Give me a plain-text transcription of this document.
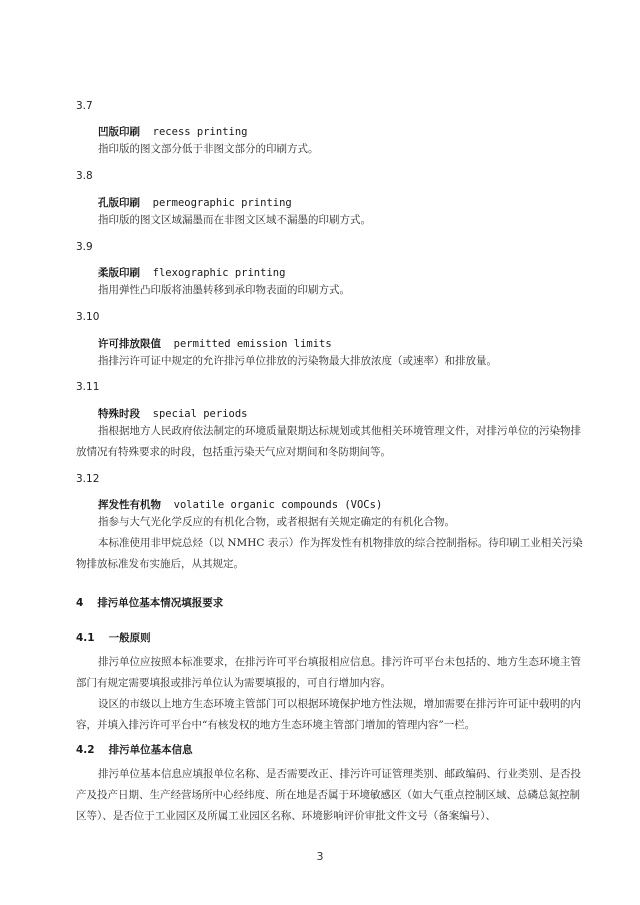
3.7
凹版印刷 recess printing
指印版的图文部分低于非图文部分的印刷方式。
3.8
孔版印刷 permeographic printing
指印版的图文区域漏墨而在非图文区域不漏墨的印刷方式。
3.9
柔版印刷 flexographic printing
指用弹性凸印版将油墨转移到承印物表面的印刷方式。
3.10
许可排放限值 permitted emission limits
指排污许可证中规定的允许排污单位排放的污染物最大排放浓度（或速率）和排放量。
3.11
特殊时段 special periods
指根据地方人民政府依法制定的环境质量限期达标规划或其他相关环境管理文件，对排污单位的污染物排放情况有特殊要求的时段，包括重污染天气应对期间和冬防期间等。
3.12
挥发性有机物 volatile organic compounds (VOCs)
指参与大气光化学反应的有机化合物，或者根据有关规定确定的有机化合物。
本标准使用非甲烷总烃（以 NMHC 表示）作为挥发性有机物排放的综合控制指标。待印刷工业相关污染物排放标准发布实施后，从其规定。
4 排污单位基本情况填报要求
4.1 一般原则
排污单位应按照本标准要求，在排污许可平台填报相应信息。排污许可平台未包括的、地方生态环境主管部门有规定需要填报或排污单位认为需要填报的，可自行增加内容。
设区的市级以上地方生态环境主管部门可以根据环境保护地方性法规，增加需要在排污许可证中载明的内容，并填入排污许可平台中“有核发权的地方生态环境主管部门增加的管理内容”一栏。
4.2 排污单位基本信息
排污单位基本信息应填报单位名称、是否需要改正、排污许可证管理类别、邮政编码、行业类别、是否投产及投产日期、生产经营场所中心经纬度、所在地是否属于环境敏感区（如大气重点控制区域、总磷总氮控制区等）、是否位于工业园区及所属工业园区名称、环境影响评价审批文件文号（备案编号）、
3
